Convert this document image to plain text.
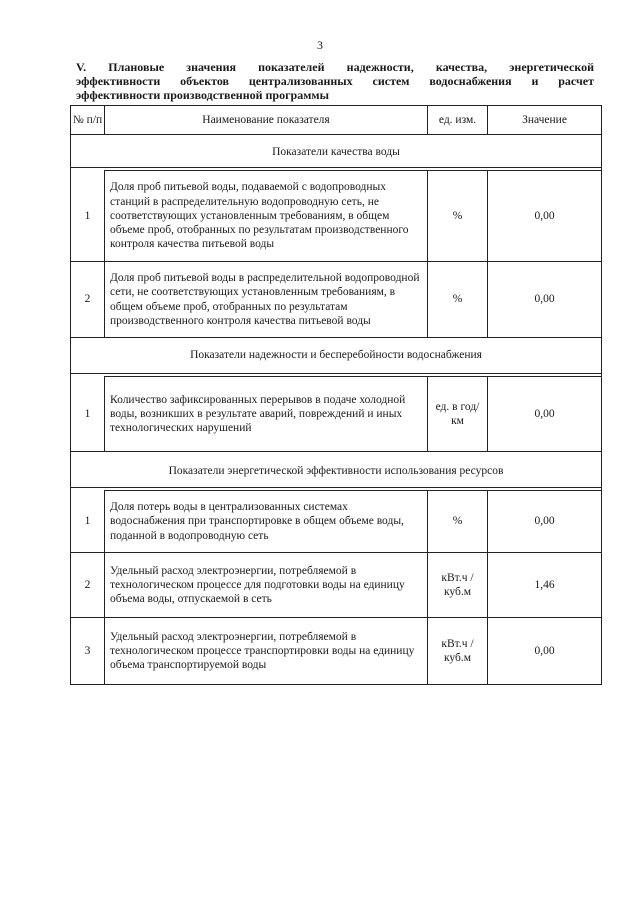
3
V. Плановые значения показателей надежности, качества, энергетической
эффективности объектов централизованных систем водоснабжения и расчет
эффективности производственной программы
№ п/п	Наименование показателя	ед. изм.	Значение

Показатели качества воды			

1	Доля проб питьевой воды, подаваемой с водопроводных станций в распределительную водопроводную сеть, не соответствующих установленным требованиям, в общем объеме проб, отобранных по результатам производственного контроля качества питьевой воды	%	0,00
2	Доля проб питьевой воды в распределительной водопроводной сети, не соответствующих установленным требованиям, в общем объеме проб, отобранных по результатам производственного контроля качества питьевой воды	%	0,00
Показатели надежности и бесперебойности водоснабжения			

1	Количество зафиксированных перерывов в подаче холодной воды, возникших в результате аварий, повреждений и иных технологических нарушений	ед. в год/ км	0,00

Показатели энергетической эффективности использования ресурсов			

1	Доля потерь воды в централизованных системах водоснабжения при транспортировке в общем объеме воды, поданной в водопроводную сеть	%	0,00
2	Удельный расход электроэнергии, потребляемой в технологическом процессе для подготовки воды на единицу объема воды, отпускаемой в сеть	кВт.ч / куб.м	1,46
3	Удельный расход электроэнергии, потребляемой в технологическом процессе транспортировки воды на единицу объема транспортируемой воды	кВт.ч / куб.м	0,00
